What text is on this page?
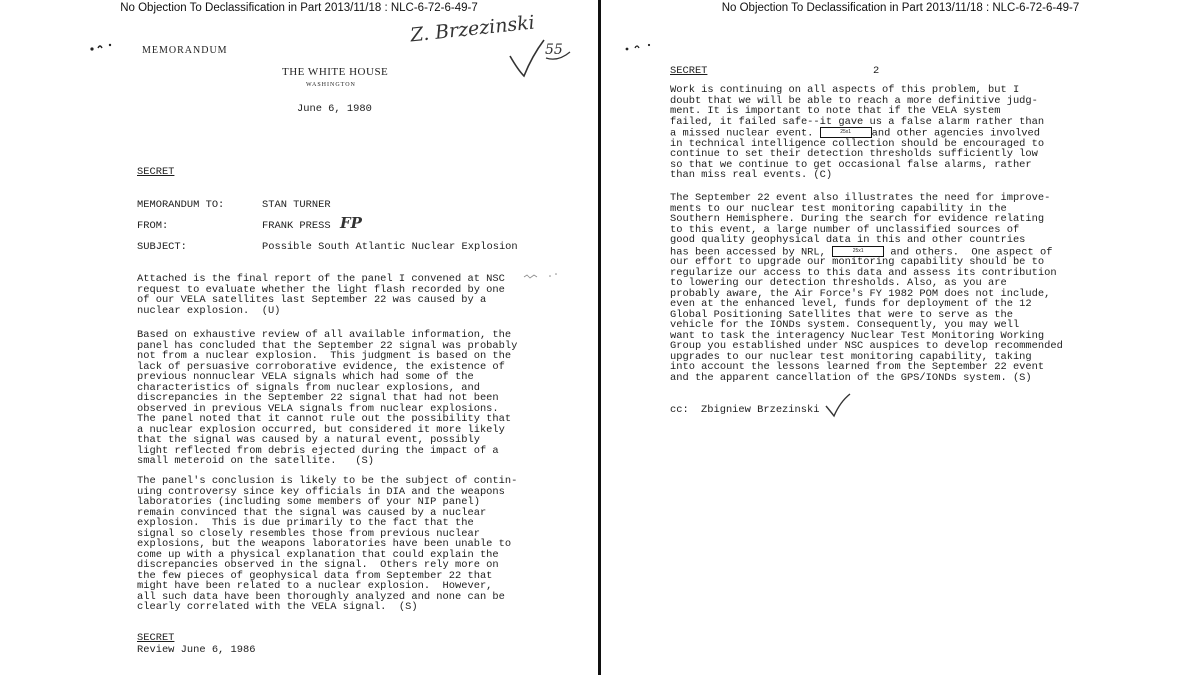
No Objection To Declassification in Part 2013/11/18 : NLC-6-72-6-49-7
MEMORANDUM
Z. Brzezinski
55
THE WHITE HOUSE
WASHINGTON
June 6, 1980
SECRET
MEMORANDUM TO:	STAN TURNER
FROM:	FRANK PRESS FP
SUBJECT:	Possible South Atlantic Nuclear Explosion
Attached is the final report of the panel I convened at NSC
request to evaluate whether the light flash recorded by one
of our VELA satellites last September 22 was caused by a
nuclear explosion.  (U)
Based on exhaustive review of all available information, the
panel has concluded that the September 22 signal was probably
not from a nuclear explosion.  This judgment is based on the
lack of persuasive corroborative evidence, the existence of
previous nonnuclear VELA signals which had some of the
characteristics of signals from nuclear explosions, and
discrepancies in the September 22 signal that had not been
observed in previous VELA signals from nuclear explosions.
The panel noted that it cannot rule out the possibility that
a nuclear explosion occurred, but considered it more likely
that the signal was caused by a natural event, possibly
light reflected from debris ejected during the impact of a
small meteroid on the satellite.   (S)
The panel's conclusion is likely to be the subject of contin-
uing controversy since key officials in DIA and the weapons
laboratories (including some members of your NIP panel)
remain convinced that the signal was caused by a nuclear
explosion.  This is due primarily to the fact that the
signal so closely resembles those from previous nuclear
explosions, but the weapons laboratories have been unable to
come up with a physical explanation that could explain the
discrepancies observed in the signal.  Others rely more on
the few pieces of geophysical data from September 22 that
might have been related to a nuclear explosion.  However,
all such data have been thoroughly analyzed and none can be
clearly correlated with the VELA signal.  (S)
SECRET
Review June 6, 1986
No Objection To Declassification in Part 2013/11/18 : NLC-6-72-6-49-7
SECRET	2
Work is continuing on all aspects of this problem, but I
doubt that we will be able to reach a more definitive judg-
ment. It is important to note that if the VELA system
failed, it failed safe--it gave us a false alarm rather than
a missed nuclear event.	25x1 and other agencies involved
in technical intelligence collection should be encouraged to
continue to set their detection thresholds sufficiently low
so that we continue to get occasional false alarms, rather
than miss real events. (C)
The September 22 event also illustrates the need for improve-
ments to our nuclear test monitoring capability in the
Southern Hemisphere. During the search for evidence relating
to this event, a large number of unclassified sources of
good quality geophysical data in this and other countries
has been accessed by NRL,	25x1 and others.  One aspect of
our effort to upgrade our monitoring capability should be to
regularize our access to this data and assess its contribution
to lowering our detection thresholds. Also, as you are
probably aware, the Air Force's FY 1982 POM does not include,
even at the enhanced level, funds for deployment of the 12
Global Positioning Satellites that were to serve as the
vehicle for the IONDs system. Consequently, you may well
want to task the interagency Nuclear Test Monitoring Working
Group you established under NSC auspices to develop recommended
upgrades to our nuclear test monitoring capability, taking
into account the lessons learned from the September 22 event
and the apparent cancellation of the GPS/IONDs system. (S)
cc: Zbigniew Brzezinski
